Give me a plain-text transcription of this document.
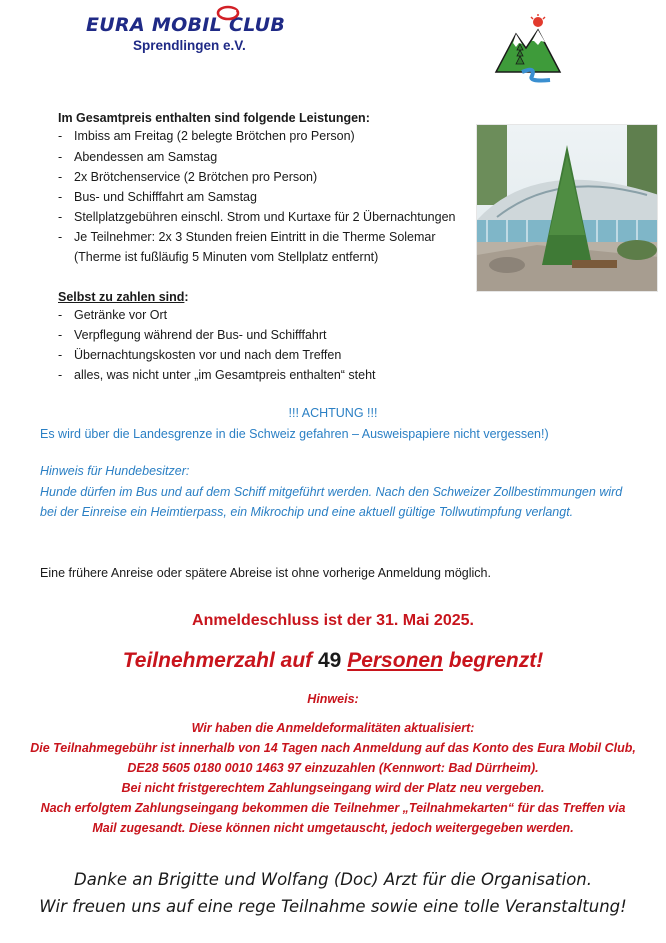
EURA MOBIL CLUB
Sprendlingen e.V.
Im Gesamtpreis enthalten sind folgende Leistungen:
- Imbiss am Freitag (2 belegte Brötchen pro Person)
- Abendessen am Samstag
- 2x Brötchenservice (2 Brötchen pro Person)
- Bus- und Schifffahrt am Samstag
- Stellplatzgebühren einschl. Strom und Kurtaxe für 2 Übernachtungen
- Je Teilnehmer: 2x 3 Stunden freien Eintritt in die Therme Solemar
(Therme ist fußläufig 5 Minuten vom Stellplatz entfernt)
Selbst zu zahlen sind:
- Getränke vor Ort
- Verpflegung während der Bus- und Schifffahrt
- Übernachtungskosten vor und nach dem Treffen
- alles, was nicht unter „im Gesamtpreis enthalten“ steht
!!! ACHTUNG !!!
Es wird über die Landesgrenze in die Schweiz gefahren – Ausweispapiere nicht vergessen!)
Hinweis für Hundebesitzer:
Hunde dürfen im Bus und auf dem Schiff mitgeführt werden. Nach den Schweizer Zollbestimmungen wird
bei der Einreise ein Heimtierpass, ein Mikrochip und eine aktuell gültige Tollwutimpfung verlangt.
Eine frühere Anreise oder spätere Abreise ist ohne vorherige Anmeldung möglich.
Anmeldeschluss ist der 31. Mai 2025.
Teilnehmerzahl auf 49 Personen begrenzt!
Hinweis:
Wir haben die Anmeldeformalitäten aktualisiert:
Die Teilnahmegebühr ist innerhalb von 14 Tagen nach Anmeldung auf das Konto des Eura Mobil Club,
DE28 5605 0180 0010 1463 97 einzuzahlen (Kennwort: Bad Dürrheim).
Bei nicht fristgerechtem Zahlungseingang wird der Platz neu vergeben.
Nach erfolgtem Zahlungseingang bekommen die Teilnehmer „Teilnahmekarten“ für das Treffen via
Mail zugesandt. Diese können nicht umgetauscht, jedoch weitergegeben werden.
Danke an Brigitte und Wolfang (Doc) Arzt für die Organisation.
Wir freuen uns auf eine rege Teilnahme sowie eine tolle Veranstaltung!
